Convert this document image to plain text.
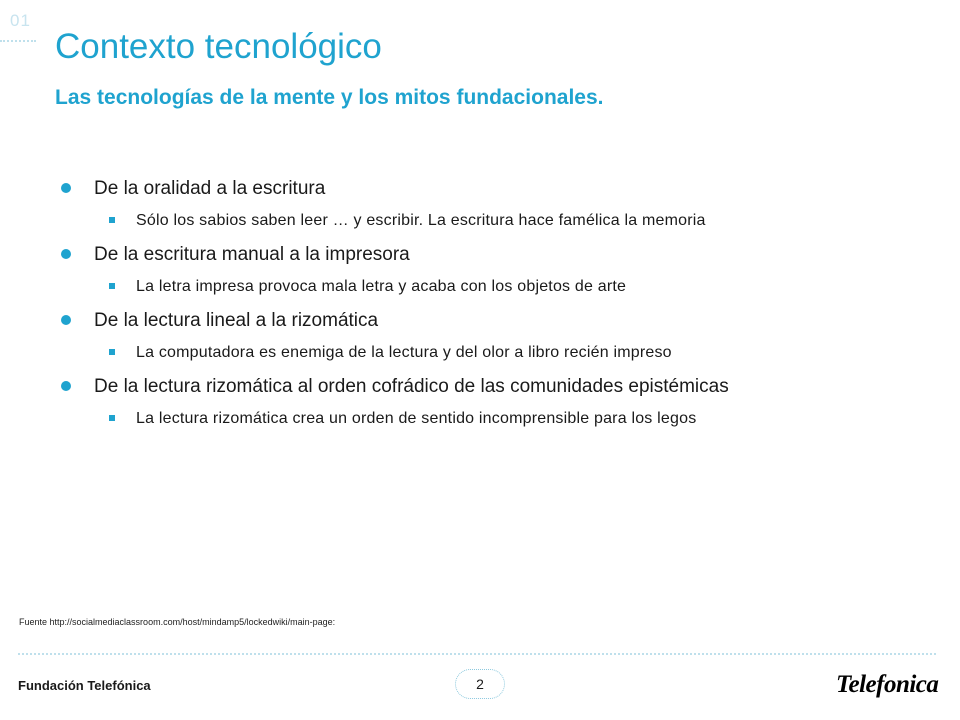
01
Contexto tecnológico
Las tecnologías de la mente y los mitos fundacionales.
De la oralidad a la escritura
Sólo los sabios saben leer … y escribir. La escritura hace famélica la memoria
De la escritura manual a la impresora
La letra impresa provoca mala letra y acaba con los objetos de arte
De la lectura lineal a la rizomática
La computadora es enemiga de la lectura y del olor a libro recién impreso
De la lectura rizomática al orden cofrádico de las comunidades epistémicas
La lectura rizomática crea un orden de sentido incomprensible para los legos
Fuente http://socialmediaclassroom.com/host/mindamp5/lockedwiki/main-page:
Fundación Telefónica	2	Telefonica
